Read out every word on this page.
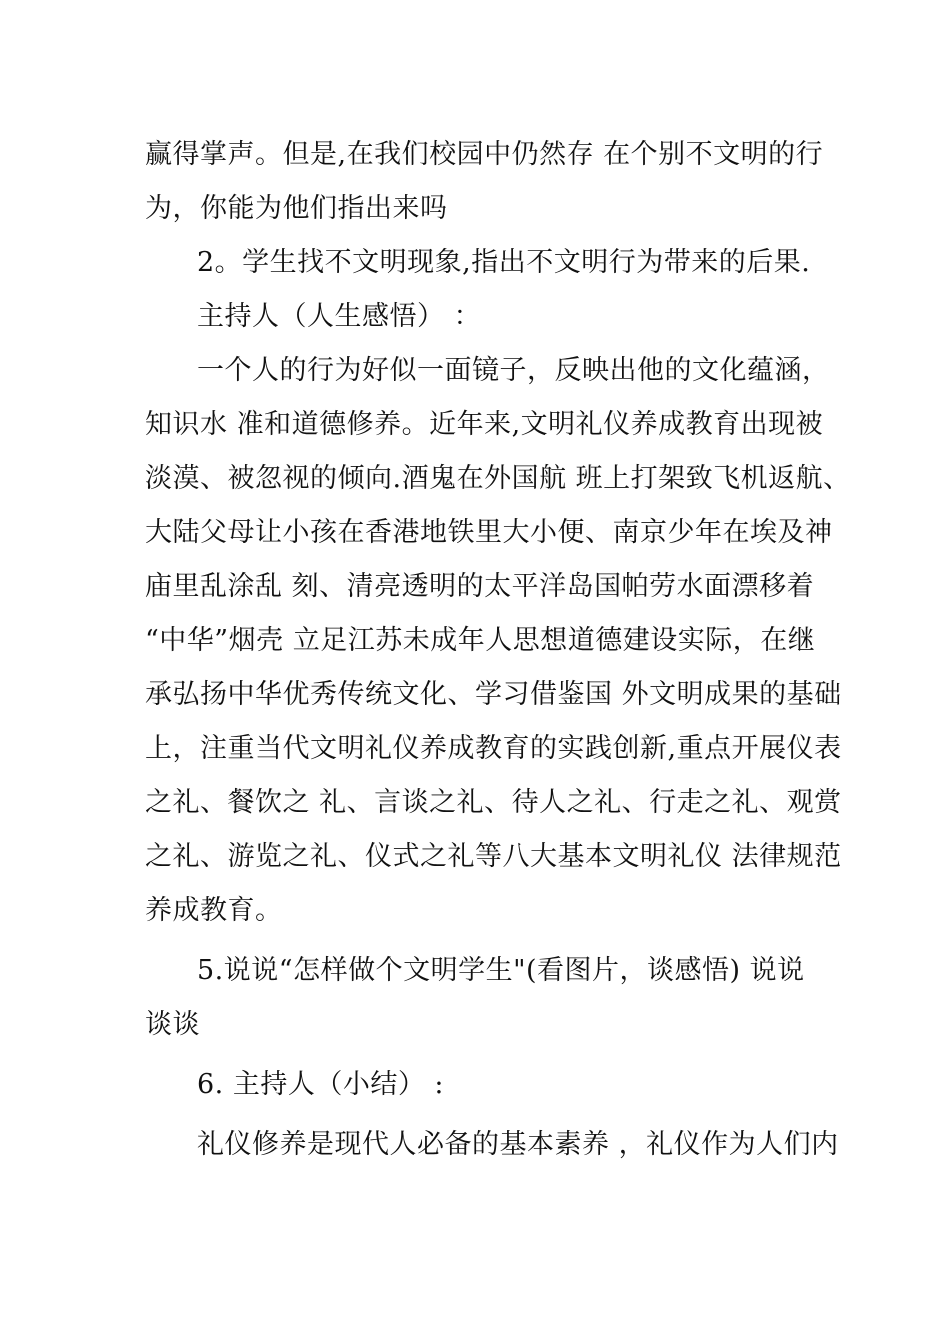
赢得掌声。但是,在我们校园中仍然存 在个别不文明的行
为，你能为他们指出来吗
2。学生找不文明现象,指出不文明行为带来的后果.
主持人（人生感悟） ：
一个人的行为好似一面镜子，反映出他的文化蕴涵，
知识水 准和道德修养。近年来,文明礼仪养成教育出现被
淡漠、被忽视的倾向.酒鬼在外国航 班上打架致飞机返航、
大陆父母让小孩在香港地铁里大小便、南京少年在埃及神
庙里乱涂乱 刻、清亮透明的太平洋岛国帕劳水面漂移着
“中华”烟壳 立足江苏未成年人思想道德建设实际，在继
承弘扬中华优秀传统文化、学习借鉴国 外文明成果的基础
上，注重当代文明礼仪养成教育的实践创新,重点开展仪表
之礼、餐饮之 礼、言谈之礼、待人之礼、行走之礼、观赏
之礼、游览之礼、仪式之礼等八大基本文明礼仪 法律规范
养成教育。
5.说说“怎样做个文明学生"(看图片，谈感悟) 说说
谈谈
6. 主持人（小结） :
礼仪修养是现代人必备的基本素养 ，礼仪作为人们内
